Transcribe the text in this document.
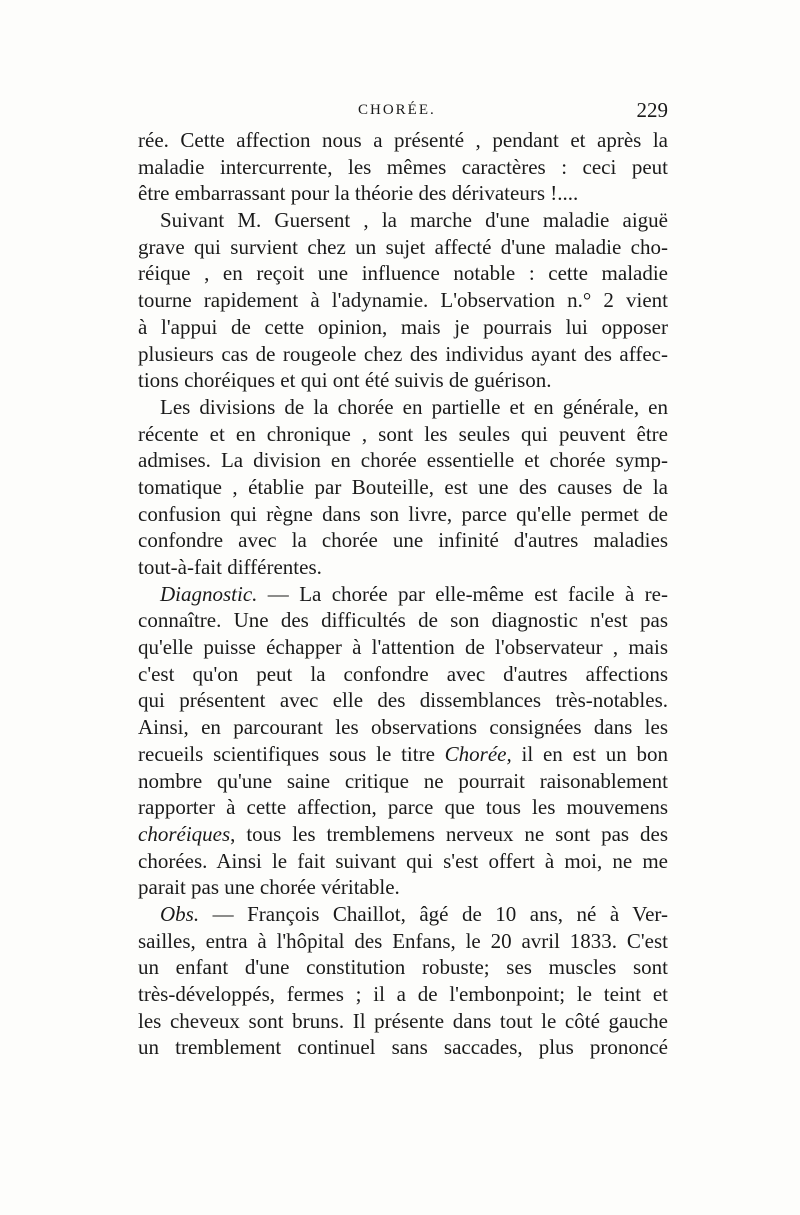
CHORÉE.	229
rée. Cette affection nous a présenté , pendant et après la
maladie intercurrente, les mêmes caractères : ceci peut
être embarrassant pour la théorie des dérivateurs !....
Suivant M. Guersent , la marche d'une maladie aiguë
grave qui survient chez un sujet affecté d'une maladie cho-
réique , en reçoit une influence notable : cette maladie
tourne rapidement à l'adynamie. L'observation n.° 2 vient
à l'appui de cette opinion, mais je pourrais lui opposer
plusieurs cas de rougeole chez des individus ayant des affec-
tions choréiques et qui ont été suivis de guérison.
Les divisions de la chorée en partielle et en générale, en
récente et en chronique , sont les seules qui peuvent être
admises. La division en chorée essentielle et chorée symp-
tomatique , établie par Bouteille, est une des causes de la
confusion qui règne dans son livre, parce qu'elle permet de
confondre avec la chorée une infinité d'autres maladies
tout-à-fait différentes.
Diagnostic. — La chorée par elle-même est facile à re-
connaître. Une des difficultés de son diagnostic n'est pas
qu'elle puisse échapper à l'attention de l'observateur , mais
c'est qu'on peut la confondre avec d'autres affections
qui présentent avec elle des dissemblances très-notables.
Ainsi, en parcourant les observations consignées dans les
recueils scientifiques sous le titre Chorée, il en est un bon
nombre qu'une saine critique ne pourrait raisonablement
rapporter à cette affection, parce que tous les mouvemens
choréiques, tous les tremblemens nerveux ne sont pas des
chorées. Ainsi le fait suivant qui s'est offert à moi, ne me
parait pas une chorée véritable.
Obs. — François Chaillot, âgé de 10 ans, né à Ver-
sailles, entra à l'hôpital des Enfans, le 20 avril 1833. C'est
un enfant d'une constitution robuste; ses muscles sont
très-développés, fermes ; il a de l'embonpoint; le teint et
les cheveux sont bruns. Il présente dans tout le côté gauche
un tremblement continuel sans saccades, plus prononcé
